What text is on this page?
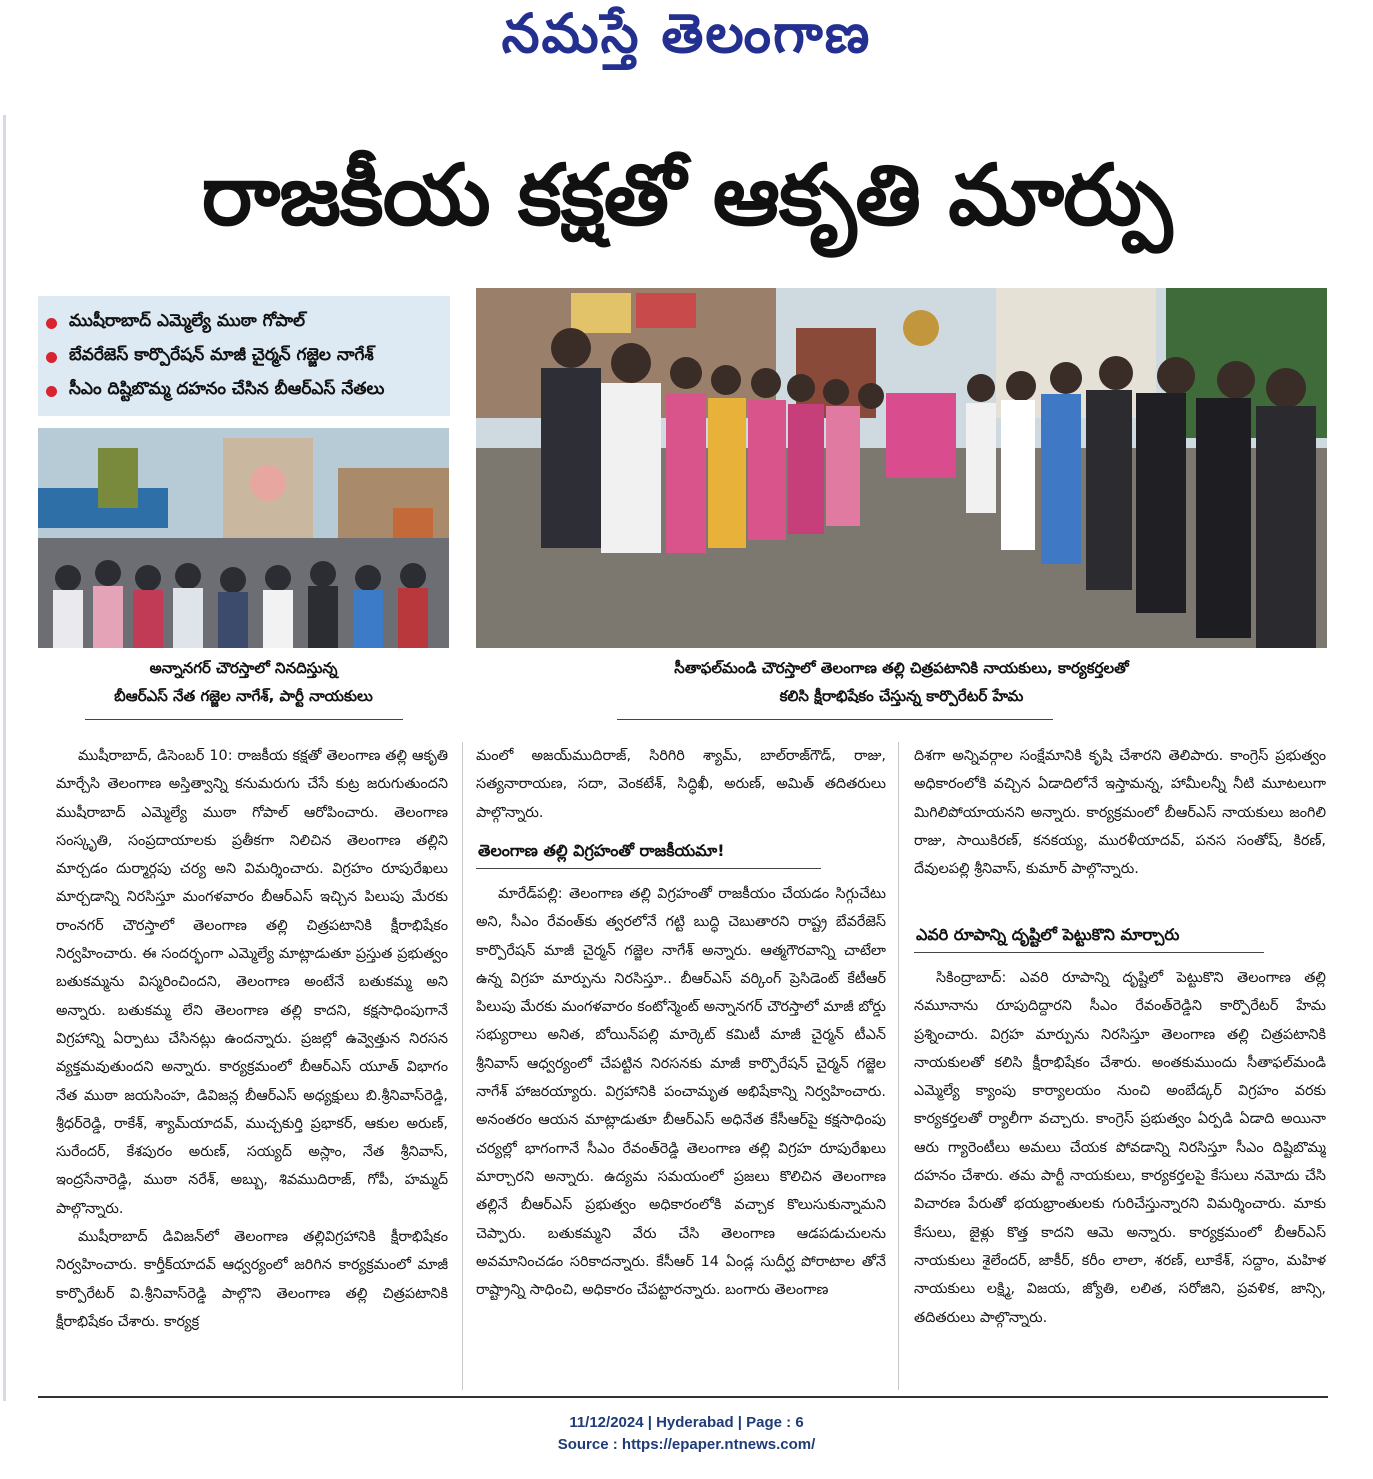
నమస్తే తెలంగాణ
రాజకీయ కక్షతో ఆకృతి మార్పు
ముషీరాబాద్ ఎమ్మెల్యే ముఠా గోపాల్
బేవరేజెస్ కార్పొరేషన్ మాజీ చైర్మన్ గజ్జెల నాగేశ్
సీఎం దిష్టిబొమ్మ దహనం చేసిన బీఆర్ఎస్ నేతలు
అన్నానగర్ చౌరస్తాలో నినదిస్తున్న
బీఆర్ఎస్ నేత గజ్జెల నాగేశ్, పార్టీ నాయకులు
సీతాఫల్‌మండి చౌరస్తాలో తెలంగాణ తల్లి చిత్రపటానికి నాయకులు, కార్యకర్తలతో
కలిసి క్షీరాభిషేకం చేస్తున్న కార్పొరేటర్ హేమ

ముషీరాబాద్, డిసెంబర్ 10: రాజకీయ కక్షతో తెలంగాణ తల్లి ఆకృతి మార్చేసి తెలంగాణ అస్తిత్వాన్ని కనుమరుగు చేసే కుట్ర జరుగుతుందని ముషీరాబాద్ ఎమ్మెల్యే ముఠా గోపాల్ ఆరోపించారు. తెలంగాణ సంస్కృతి, సంప్రదాయాలకు ప్రతీకగా నిలిచిన తెలంగాణ తల్లిని మార్చడం దుర్మార్గపు చర్య అని విమర్శించారు. విగ్రహం రూపురేఖలు మార్చడాన్ని నిరసిస్తూ మంగళవారం బీఆర్ఎస్ ఇచ్చిన పిలుపు మేరకు రాంనగర్ చౌరస్తాలో తెలంగాణ తల్లి చిత్రపటానికి క్షీరాభిషేకం నిర్వహించారు. ఈ సందర్భంగా ఎమ్మెల్యే మాట్లాడుతూ ప్రస్తుత ప్రభుత్వం బతుకమ్మను విస్మరించిందని, తెలంగాణ అంటేనే బతుకమ్మ అని అన్నారు. బతుకమ్మ లేని తెలంగాణ తల్లి కాదని, కక్షసాధింపుగానే విగ్రహాన్ని ఏర్పాటు చేసినట్లు ఉందన్నారు. ప్రజల్లో ఉవ్వెత్తున నిరసన వ్యక్తమవుతుందని అన్నారు. కార్యక్రమంలో బీఆర్ఎస్ యూత్ విభాగం నేత ముఠా జయసింహ, డివిజన్ల బీఆర్ఎస్ అధ్యక్షులు బి.శ్రీనివాస్‌రెడ్డి, శ్రీధర్‌రెడ్డి, రాకేశ్, శ్యామ్‌యాదవ్, ముచ్చకుర్తి ప్రభాకర్, ఆకుల అరుణ్, సురేందర్, కేశపురం అరుణ్, సయ్యద్ అస్లాం, నేత శ్రీనివాస్, ఇంద్రసేనారెడ్డి, ముఠా నరేశ్, అబ్బు, శివముదిరాజ్, గోపీ, హమ్మద్ పాల్గొన్నారు.

ముషీరాబాద్ డివిజన్‌లో తెలంగాణ తల్లివిగ్రహానికి క్షీరాభిషేకం నిర్వహించారు. కార్తీక్‌యాదవ్ ఆధ్వర్యంలో జరిగిన కార్యక్రమంలో మాజీ కార్పొరేటర్ వి.శ్రీనివాస్‌రెడ్డి పాల్గొని తెలంగాణ తల్లి చిత్రపటానికి క్షీరాభిషేకం చేశారు. కార్యక్ర

మంలో అజయ్‌ముదిరాజ్, సిరిగిరి శ్యామ్, బాల్‌రాజ్‌గౌడ్, రాజు, సత్యనారాయణ, సదా, వెంకటేశ్, సిద్ధిఖీ, అరుణ్, అమిత్ తదితరులు పాల్గొన్నారు.

తెలంగాణ తల్లి విగ్రహంతో రాజకీయమా!

మారేడ్‌పల్లి: తెలంగాణ తల్లి విగ్రహంతో రాజకీయం చేయడం సిగ్గుచేటు అని, సీఎం రేవంత్‌కు త్వరలోనే గట్టి బుద్ధి చెబుతారని రాష్ట్ర బేవరేజెస్ కార్పొరేషన్ మాజీ చైర్మన్ గజ్జెల నాగేశ్ అన్నారు. ఆత్మగౌరవాన్ని చాటేలా ఉన్న విగ్రహ మార్పును నిరసిస్తూ.. బీఆర్ఎస్ వర్కింగ్ ప్రెసిడెంట్ కేటీఆర్ పిలుపు మేరకు మంగళవారం కంటోన్మెంట్ అన్నానగర్ చౌరస్తాలో మాజీ బోర్డు సభ్యురాలు అనిత, బోయిన్‌పల్లి మార్కెట్ కమిటీ మాజీ చైర్మన్ టీఎన్ శ్రీనివాస్ ఆధ్వర్యంలో చేపట్టిన నిరసనకు మాజీ కార్పొరేషన్ చైర్మన్ గజ్జెల నాగేశ్ హాజరయ్యారు. విగ్రహానికి పంచామృత అభిషేకాన్ని నిర్వహించారు. అనంతరం ఆయన మాట్లాడుతూ బీఆర్ఎస్ అధినేత కేసీఆర్‌పై కక్షసాధింపు చర్యల్లో భాగంగానే సీఎం రేవంత్‌రెడ్డి తెలంగాణ తల్లి విగ్రహ రూపురేఖలు మార్చారని అన్నారు. ఉద్యమ సమయంలో ప్రజలు కొలిచిన తెలంగాణ తల్లినే బీఆర్ఎస్ ప్రభుత్వం అధికారంలోకి వచ్చాక కొలుసుకున్నామని చెప్పారు. బతుకమ్మని వేరు చేసి తెలంగాణ ఆడపడుచులను అవమానించడం సరికాదన్నారు. కేసీఆర్ 14 ఏండ్ల సుదీర్ఘ పోరాటాల తోనే రాష్ట్రాన్ని సాధించి, అధికారం చేపట్టారన్నారు. బంగారు తెలంగాణ

దిశగా అన్నివర్గాల సంక్షేమానికి కృషి చేశారని తెలిపారు. కాంగ్రెస్ ప్రభుత్వం అధికారంలోకి వచ్చిన ఏడాదిలోనే ఇస్తామన్న, హామీలన్నీ నీటి మూటలుగా మిగిలిపోయాయనని అన్నారు. కార్యక్రమంలో బీఆర్ఎస్ నాయకులు జంగిలి రాజు, సాయికిరణ్, కనకయ్య, మురళీయాదవ్, పనస సంతోష్, కిరణ్, దేవులపల్లి శ్రీనివాస్, కుమార్ పాల్గొన్నారు.

ఎవరి రూపాన్ని దృష్టిలో పెట్టుకొని మార్చారు

సికింద్రాబాద్: ఎవరి రూపాన్ని దృష్టిలో పెట్టుకొని తెలంగాణ తల్లి నమూనాను రూపుదిద్దారని సీఎం రేవంత్‌రెడ్డిని కార్పొరేటర్ హేమ ప్రశ్నించారు. విగ్రహ మార్పును నిరసిస్తూ తెలంగాణ తల్లి చిత్రపటానికి నాయకులతో కలిసి క్షీరాభిషేకం చేశారు. అంతకుముందు సీతాఫల్‌మండి ఎమ్మెల్యే క్యాంపు కార్యాలయం నుంచి అంబేడ్కర్ విగ్రహం వరకు కార్యకర్తలతో ర్యాలీగా వచ్చారు. కాంగ్రెస్ ప్రభుత్వం ఏర్పడి ఏడాది అయినా ఆరు గ్యారెంటీలు అమలు చేయక పోవడాన్ని నిరసిస్తూ సీఎం దిష్టిబొమ్మ దహనం చేశారు. తమ పార్టీ నాయకులు, కార్యకర్తలపై కేసులు నమోదు చేసి విచారణ పేరుతో భయభ్రాంతులకు గురిచేస్తున్నారని విమర్శించారు. మాకు కేసులు, జైళ్లు కొత్త కాదని ఆమె అన్నారు. కార్యక్రమంలో బీఆర్ఎస్ నాయకులు శైలేందర్, జాకీర్, కరీం లాలా, శరణ్, లూకేశ్, సద్దాం, మహిళ నాయకులు లక్ష్మి, విజయ, జ్యోతి, లలిత, సరోజిని, ప్రవళిక, జాన్సి, తదితరులు పాల్గొన్నారు.

11/12/2024 | Hyderabad | Page : 6
Source : https://epaper.ntnews.com/
